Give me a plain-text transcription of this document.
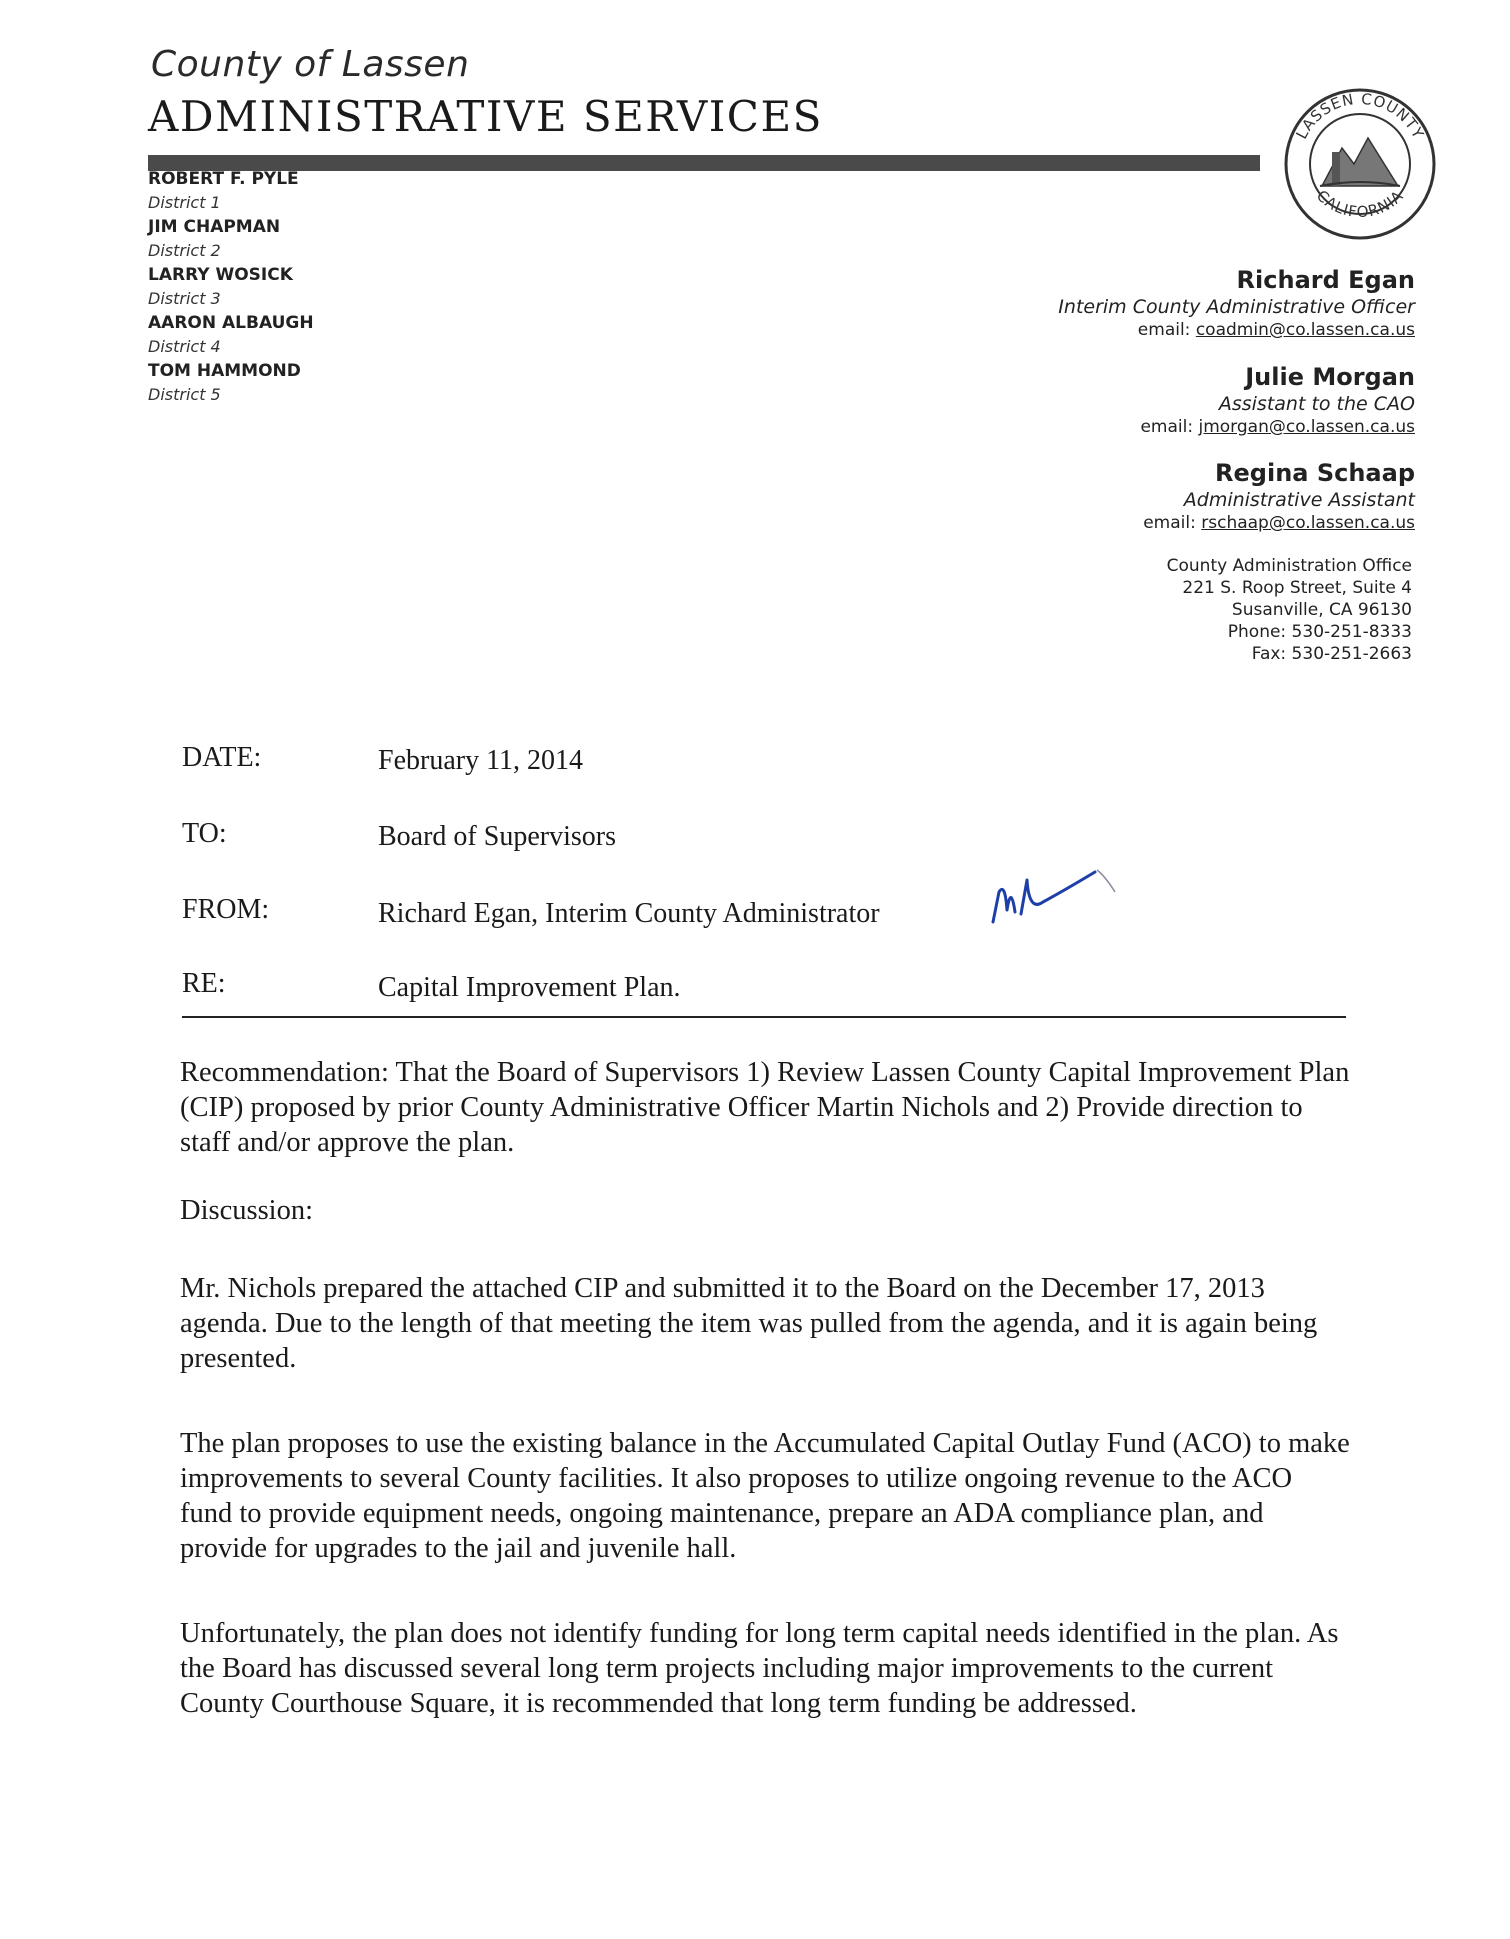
County of Lassen
ADMINISTRATIVE SERVICES	LASSEN COUNTY
CALIFORNIA
ROBERT F. PYLE
District 1
JIM CHAPMAN
District 2
LARRY WOSICK
District 3
AARON ALBAUGH
District 4
TOM HAMMOND
District 5
Richard Egan
Interim County Administrative Officer
email: coadmin@co.lassen.ca.us
Julie Morgan
Assistant to the CAO
email: jmorgan@co.lassen.ca.us
Regina Schaap
Administrative Assistant
email: rschaap@co.lassen.ca.us
County Administration Office
221 S. Roop Street, Suite 4
Susanville, CA 96130
Phone: 530-251-8333
Fax: 530-251-2663
DATE:	February 11, 2014
TO:	Board of Supervisors
FROM:	Richard Egan, Interim County Administrator
RE:	Capital Improvement Plan.
Recommendation: That the Board of Supervisors 1) Review Lassen County Capital Improvement Plan (CIP) proposed by prior County Administrative Officer Martin Nichols and 2) Provide direction to staff and/or approve the plan.
Discussion:
Mr. Nichols prepared the attached CIP and submitted it to the Board on the December 17, 2013 agenda. Due to the length of that meeting the item was pulled from the agenda, and it is again being presented.
The plan proposes to use the existing balance in the Accumulated Capital Outlay Fund (ACO) to make improvements to several County facilities. It also proposes to utilize ongoing revenue to the ACO fund to provide equipment needs, ongoing maintenance, prepare an ADA compliance plan, and provide for upgrades to the jail and juvenile hall.
Unfortunately, the plan does not identify funding for long term capital needs identified in the plan. As the Board has discussed several long term projects including major improvements to the current County Courthouse Square, it is recommended that long term funding be addressed.
